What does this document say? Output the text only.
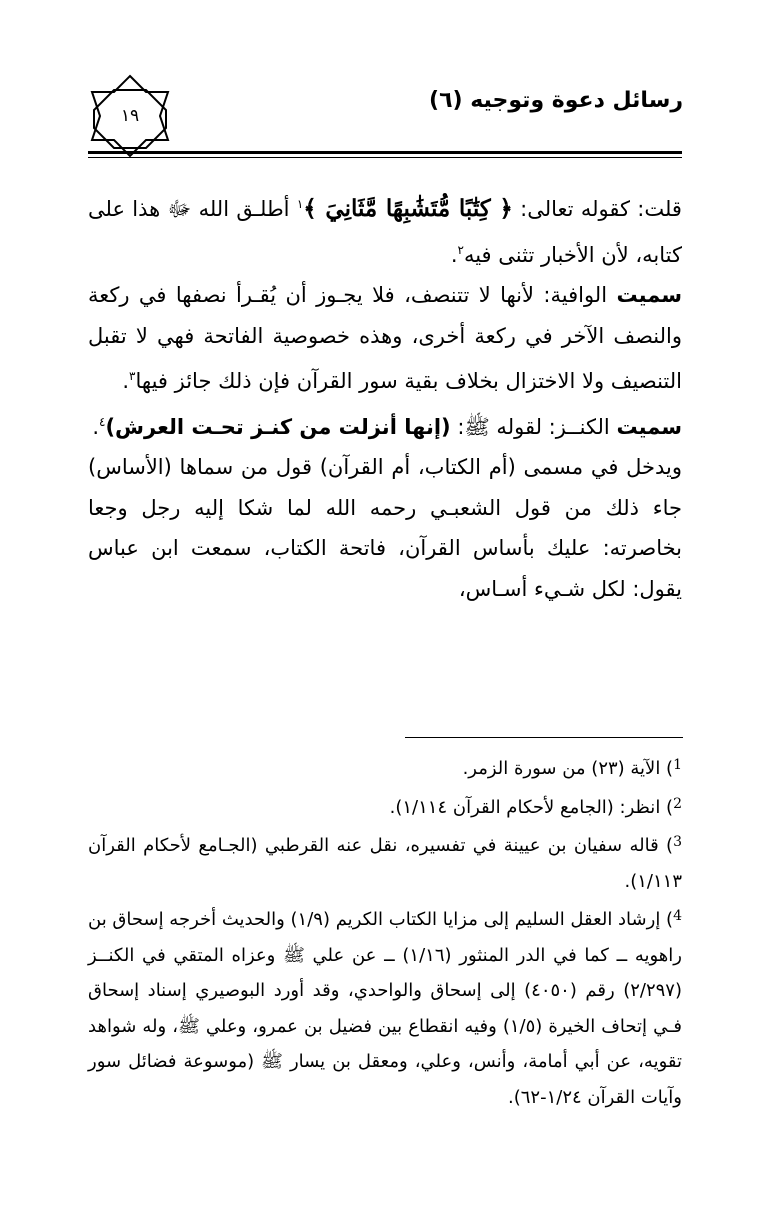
رسائل دعوة وتوجيه (٦)
١٩

قلت: كقوله تعالى: ﴿ كِتَٰبًا مُّتَشَٰبِهًا مَّثَانِيَ ﴾$^١$ أطلـق الله ﷻ هذا على كتابه، لأن الأخبار تثنى فيه$^٢$.

سميت الوافية: لأنها لا تتنصف، فلا يجـوز أن يُقـرأ نصفها في ركعة والنصف الآخر في ركعة أخرى، وهذه خصوصية الفاتحة فهي لا تقبل التنصيف ولا الاختزال بخلاف بقية سور القرآن فإن ذلك جائز فيها$^٣$.

سميت الكنــز: لقوله ﷺ: (إنها أنزلت من كنـز تحـت العرش)$^٤$.

ويدخل في مسمى (أم الكتاب، أم القرآن) قول من سماها (الأساس) جاء ذلك من قول الشعبـي رحمه الله لما شكا إليه رجل وجعا بخاصرته: عليك بأساس القرآن، فاتحة الكتاب، سمعت ابن عباس يقول: لكل شـيء أسـاس،

$^1$) الآية (٢٣) من سورة الزمر.

$^2$) انظر: (الجامع لأحكام القرآن ١/١١٤).

$^3$) قاله سفيان بن عيينة في تفسيره، نقل عنه القرطبي (الجـامع لأحكام القرآن ١/١١٣).

$^4$) إرشاد العقل السليم إلى مزايا الكتاب الكريم (١/٩) والحديث أخرجه إسحاق بن راهويه ــ كما في الدر المنثور (١/١٦) ــ عن علي ﷺ وعزاه المتقي في الكنــز (٢/٢٩٧) رقم (٤٠٥٠) إلى إسحاق والواحدي، وقد أورد البوصيري إسناد إسحاق فـي إتحاف الخيرة (١/٥) وفيه انقطاع بين فضيل بن عمرو، وعلي ﷺ، وله شواهد تقويه، عن أبي أمامة، وأنس، وعلي، ومعقل بن يسار ﷺ (موسوعة فضائل سور وآيات القرآن ١/٢٤-٦٢).
